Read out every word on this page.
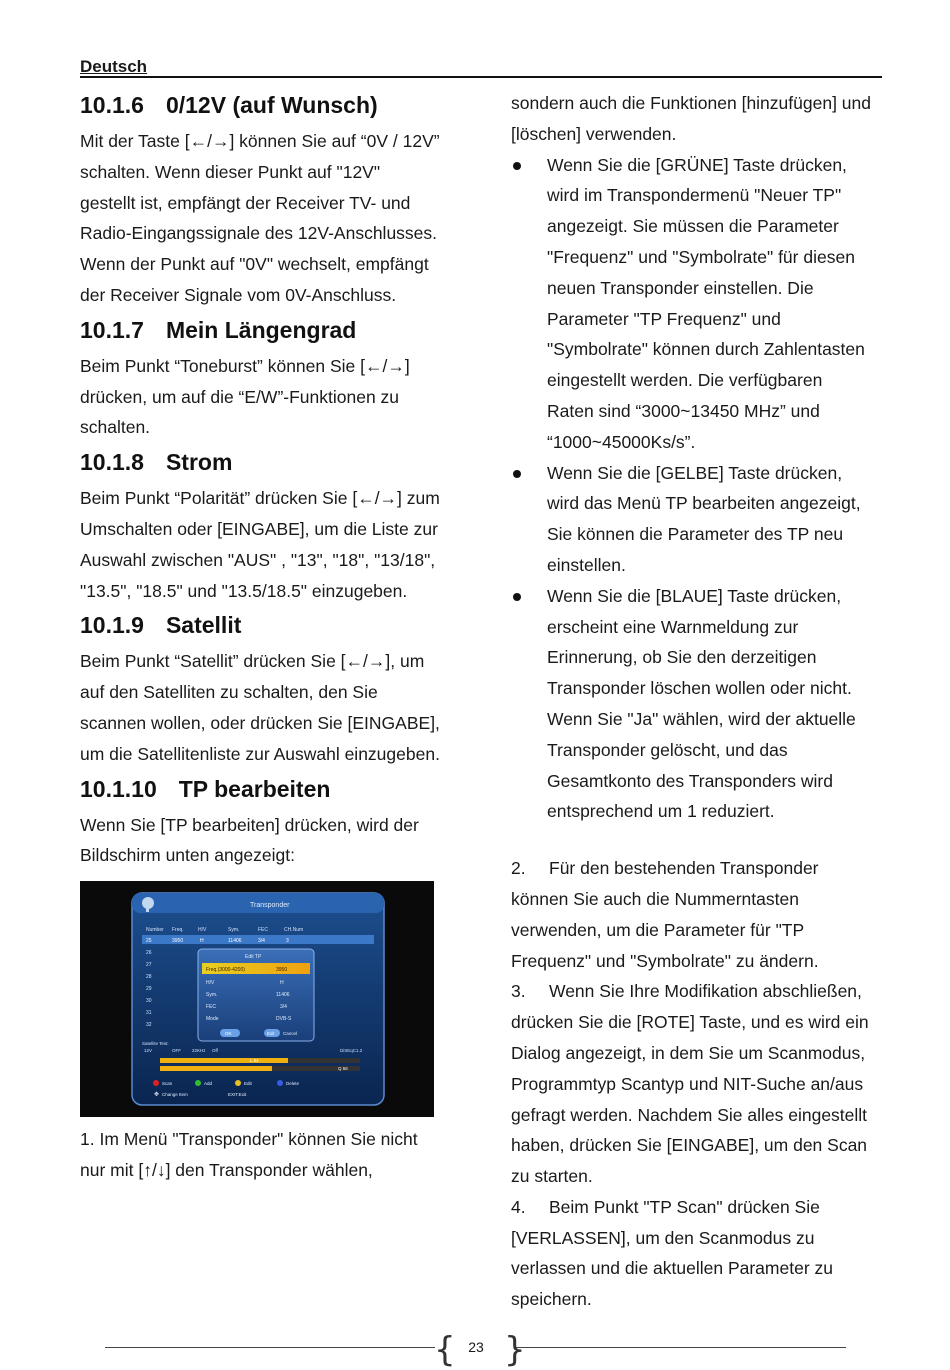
Deutsch
10.1.6 0/12V (auf Wunsch)

Mit der Taste [←/→] können Sie auf “0V / 12V” schalten. Wenn dieser Punkt auf "12V" gestellt ist, empfängt der Receiver TV- und Radio-Eingangssignale des 12V-Anschlusses. Wenn der Punkt auf "0V" wechselt, empfängt der Receiver Signale vom 0V-Anschluss.

10.1.7 Mein Längengrad

Beim Punkt “Toneburst” können Sie [←/→] drücken, um auf die “E/W”-Funktionen zu schalten.

10.1.8 Strom

Beim Punkt “Polarität” drücken Sie [←/→] zum Umschalten oder [EINGABE], um die Liste zur Auswahl zwischen "AUS" , "13", "18", "13/18", "13.5", "18.5" und "13.5/18.5" einzugeben.

10.1.9 Satellit

Beim Punkt “Satellit” drücken Sie [←/→], um auf den Satelliten zu schalten, den Sie scannen wollen, oder drücken Sie [EINGABE], um die Satellitenliste zur Auswahl einzugeben.

10.1.10 TP bearbeiten

Wenn Sie [TP bearbeiten] drücken, wird der Bildschirm unten angezeigt:

Transponder
Number Freq.	H/V	Sym.	FEC	CH.Num
25	3950	H	11406	3/4	3
26
27
28
29
30
31
32
Edit TP
Freq.(3000-4200)	3950
H/V	H
Sym.	11406
FEC	3/4
Mode	DVB-S
OK	Exit Cancel
Satellite Test:
12V	OFF 22KHz Off	DiSEqC1.2
L 64
Q 56
Scan	Add	Edit	Delete
✥ Change Item	EXIT:Exit

1. Im Menü "Transponder" können Sie nicht nur mit [↑/↓] den Transponder wählen,

sondern auch die Funktionen [hinzufügen] und [löschen] verwenden.

Wenn Sie die [GRÜNE] Taste drücken, wird im Transpondermenü "Neuer TP" angezeigt. Sie müssen die Parameter "Frequenz" und "Symbolrate" für diesen neuen Transponder einstellen. Die Parameter "TP Frequenz" und "Symbolrate" können durch Zahlentasten eingestellt werden. Die verfügbaren Raten sind “3000~13450 MHz” und “1000~45000Ks/s”.
Wenn Sie die [GELBE] Taste drücken, wird das Menü TP bearbeiten angezeigt, Sie können die Parameter des TP neu einstellen.
Wenn Sie die [BLAUE] Taste drücken, erscheint eine Warnmeldung zur Erinnerung, ob Sie den derzeitigen Transponder löschen wollen oder nicht. Wenn Sie "Ja" wählen, wird der aktuelle Transponder gelöscht, und das Gesamtkonto des Transponders wird entsprechend um 1 reduziert.

2. Für den bestehenden Transponder können Sie auch die Nummerntasten verwenden, um die Parameter für "TP Frequenz" und "Symbolrate" zu ändern.

3. Wenn Sie Ihre Modifikation abschließen, drücken Sie die [ROTE] Taste, und es wird ein Dialog angezeigt, in dem Sie um Scanmodus, Programmtyp Scantyp und NIT-Suche an/aus gefragt werden. Nachdem Sie alles eingestellt haben, drücken Sie [EINGABE], um den Scan zu starten.

4. Beim Punkt "TP Scan" drücken Sie [VERLASSEN], um den Scanmodus zu verlassen und die aktuellen Parameter zu speichern.

{ }
23
